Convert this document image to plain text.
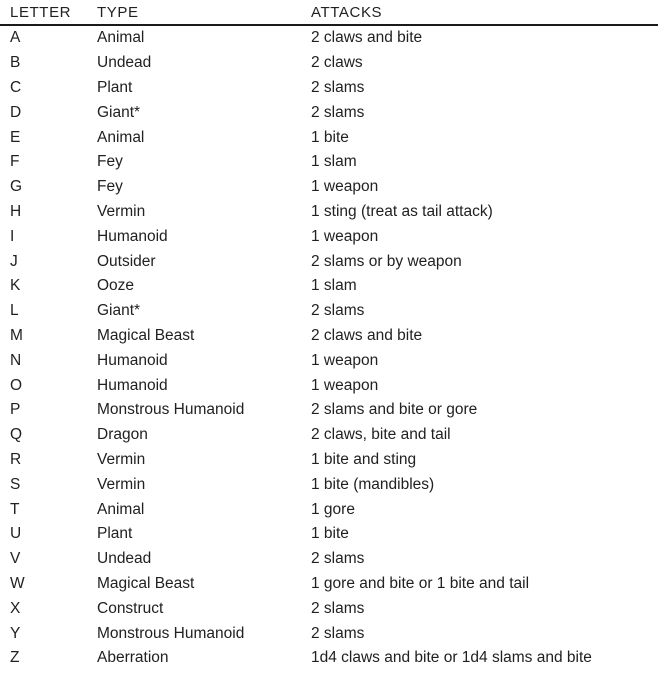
LETTER	TYPE	ATTACKS
A	Animal	2 claws and bite
B	Undead	2 claws
C	Plant	2 slams
D	Giant*	2 slams
E	Animal	1 bite
F	Fey	1 slam
G	Fey	1 weapon
H	Vermin	1 sting (treat as tail attack)
I	Humanoid	1 weapon
J	Outsider	2 slams or by weapon
K	Ooze	1 slam
L	Giant*	2 slams
M	Magical Beast	2 claws and bite
N	Humanoid	1 weapon
O	Humanoid	1 weapon
P	Monstrous Humanoid	2 slams and bite or gore
Q	Dragon	2 claws, bite and tail
R	Vermin	1 bite and sting
S	Vermin	1 bite (mandibles)
T	Animal	1 gore
U	Plant	1 bite
V	Undead	2 slams
W	Magical Beast	1 gore and bite or 1 bite and tail
X	Construct	2 slams
Y	Monstrous Humanoid	2 slams
Z	Aberration	1d4 claws and bite or 1d4 slams and bite
